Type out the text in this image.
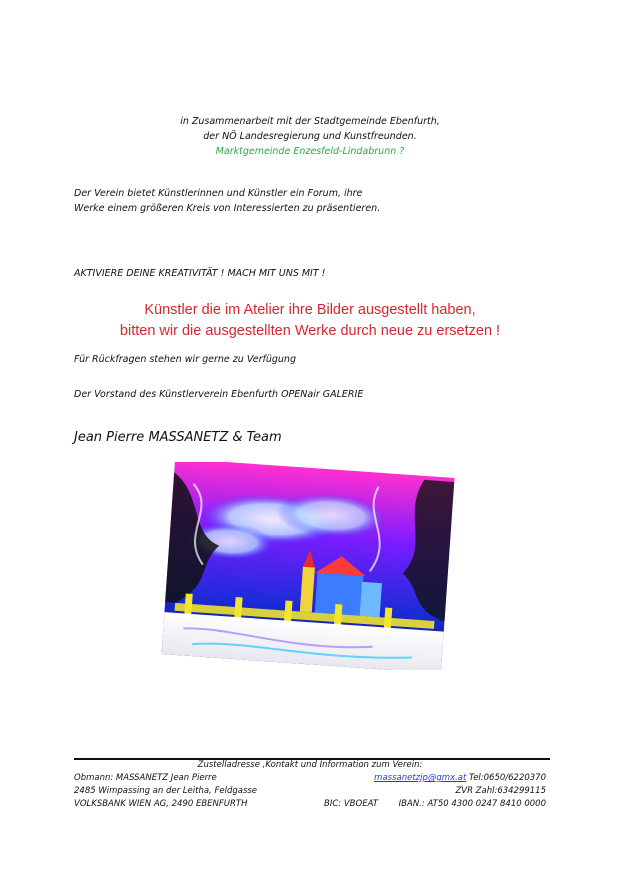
in Zusammenarbeit mit der Stadtgemeinde Ebenfurth,
der NÖ Landesregierung und Kunstfreunden.
Marktgemeinde Enzesfeld-Lindabrunn ?
Der Verein bietet Künstlerinnen und Künstler ein Forum, ihre
Werke einem größeren Kreis von Interessierten zu präsentieren.
AKTIVIERE DEINE KREATIVITÄT ! MACH MIT UNS MIT !
Künstler die im Atelier ihre Bilder ausgestellt haben,
bitten wir die ausgestellten Werke durch neue zu ersetzen !
Für Rückfragen stehen wir gerne zu Verfügung
Der Vorstand des Künstlerverein Ebenfurth OPENair GALERIE
Jean Pierre MASSANETZ & Team
Zustelladresse ,Kontakt und Information zum Verein:
Obmann: MASSANETZ Jean Pierre
2485 Wimpassing an der Leitha, Feldgasse
VOLKSBANK WIEN AG, 2490 EBENFURTH
massanetzjp@gmx.at Tel:0650/6220370
ZVR Zahl:634299115
BIC: VBOEAT IBAN.: AT50 4300 0247 8410 0000
